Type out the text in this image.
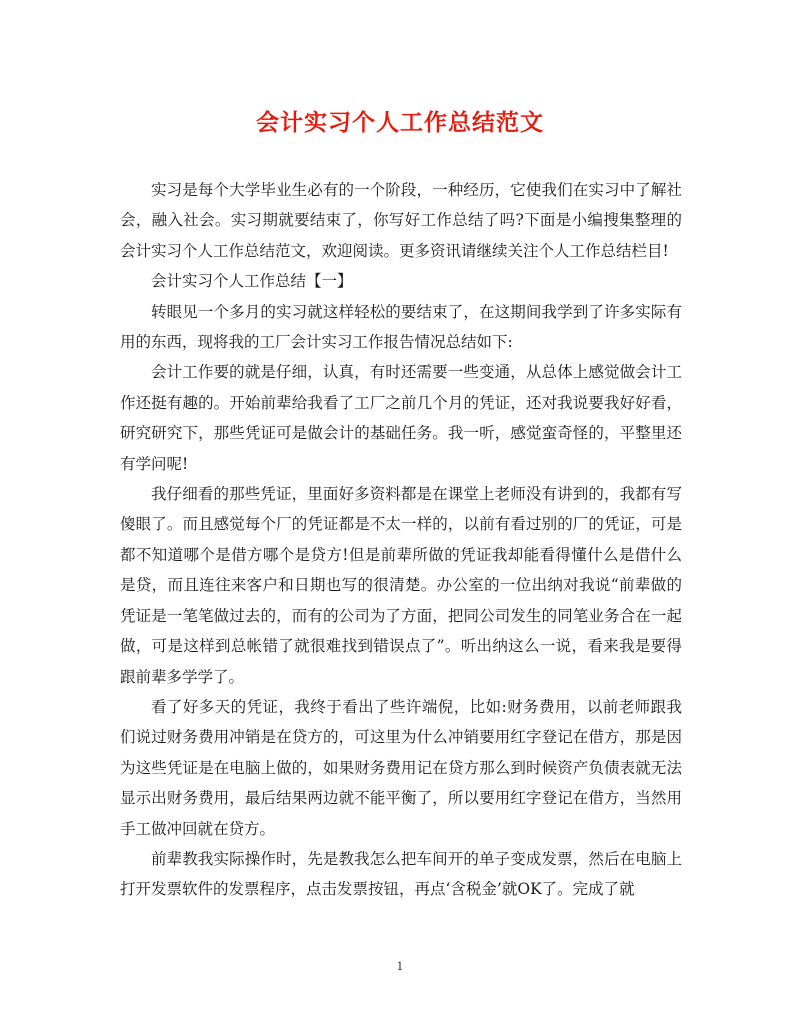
会计实习个人工作总结范文

实习是每个大学毕业生必有的一个阶段，一种经历，它使我们在实习中了解社会，融入社会。实习期就要结束了，你写好工作总结了吗?下面是小编搜集整理的会计实习个人工作总结范文，欢迎阅读。更多资讯请继续关注个人工作总结栏目!

会计实习个人工作总结【一】

转眼见一个多月的实习就这样轻松的要结束了，在这期间我学到了许多实际有用的东西，现将我的工厂会计实习工作报告情况总结如下:

会计工作要的就是仔细，认真，有时还需要一些变通，从总体上感觉做会计工作还挺有趣的。开始前辈给我看了工厂之前几个月的凭证，还对我说要我好好看，研究研究下，那些凭证可是做会计的基础任务。我一听，感觉蛮奇怪的，平整里还有学问呢!

我仔细看的那些凭证，里面好多资料都是在课堂上老师没有讲到的，我都有写傻眼了。而且感觉每个厂的凭证都是不太一样的，以前有看过别的厂的凭证，可是都不知道哪个是借方哪个是贷方!但是前辈所做的凭证我却能看得懂什么是借什么是贷，而且连往来客户和日期也写的很清楚。办公室的一位出纳对我说“前辈做的凭证是一笔笔做过去的，而有的公司为了方面，把同公司发生的同笔业务合在一起做，可是这样到总帐错了就很难找到错误点了”。听出纳这么一说，看来我是要得跟前辈多学学了。

看了好多天的凭证，我终于看出了些许端倪，比如:财务费用，以前老师跟我们说过财务费用冲销是在贷方的，可这里为什么冲销要用红字登记在借方，那是因为这些凭证是在电脑上做的，如果财务费用记在贷方那么到时候资产负债表就无法显示出财务费用，最后结果两边就不能平衡了，所以要用红字登记在借方，当然用手工做冲回就在贷方。

前辈教我实际操作时，先是教我怎么把车间开的单子变成发票，然后在电脑上打开发票软件的发票程序，点击发票按钮，再点‘含税金’就OK了。完成了就

1
